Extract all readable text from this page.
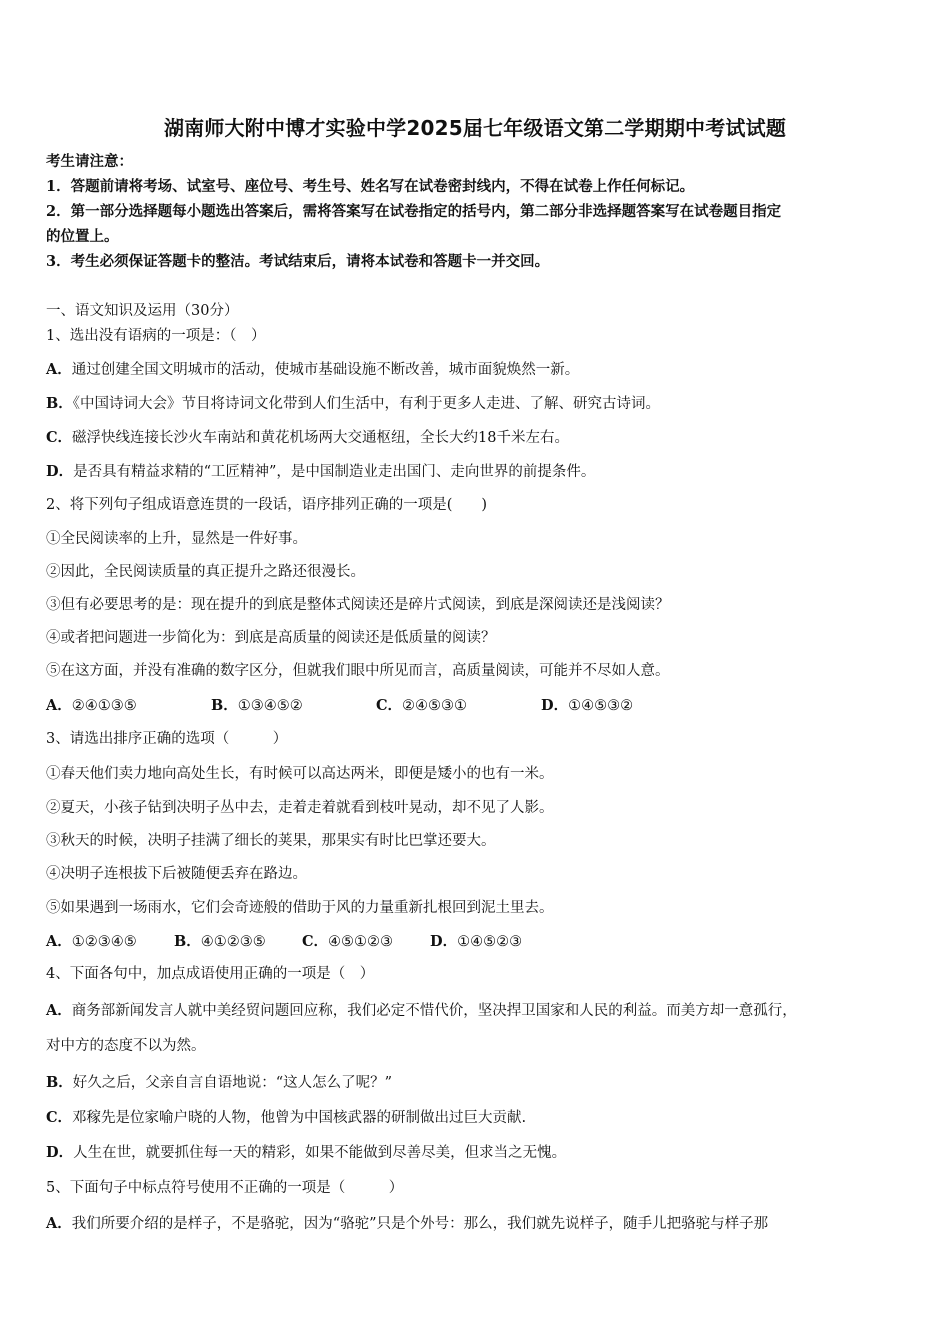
湖南师大附中博才实验中学2025届七年级语文第二学期期中考试试题
考生请注意：
1．答题前请将考场、试室号、座位号、考生号、姓名写在试卷密封线内，不得在试卷上作任何标记。
2．第一部分选择题每小题选出答案后，需将答案写在试卷指定的括号内，第二部分非选择题答案写在试卷题目指定
的位置上。
3．考生必须保证答题卡的整洁。考试结束后，请将本试卷和答题卡一并交回。
一、语文知识及运用（30分）
1、选出没有语病的一项是：（　）
A．通过创建全国文明城市的活动，使城市基础设施不断改善，城市面貌焕然一新。
B．《中国诗词大会》节目将诗词文化带到人们生活中，有利于更多人走进、了解、研究古诗词。
C．磁浮快线连接长沙火车南站和黄花机场两大交通枢纽，全长大约18千米左右。
D．是否具有精益求精的“工匠精神”，是中国制造业走出国门、走向世界的前提条件。
2、将下列句子组成语意连贯的一段话，语序排列正确的一项是(　　)
①全民阅读率的上升，显然是一件好事。
②因此，全民阅读质量的真正提升之路还很漫长。
③但有必要思考的是：现在提升的到底是整体式阅读还是碎片式阅读，到底是深阅读还是浅阅读？
④或者把问题进一步简化为：到底是高质量的阅读还是低质量的阅读？
⑤在这方面，并没有准确的数字区分，但就我们眼中所见而言，高质量阅读，可能并不尽如人意。
A．②④①③⑤	B．①③④⑤②	C．②④⑤③①	D．①④⑤③②
3、请选出排序正确的选项（　　　）
①春天他们卖力地向高处生长，有时候可以高达两米，即便是矮小的也有一米。
②夏天，小孩子钻到决明子丛中去，走着走着就看到枝叶晃动，却不见了人影。
③秋天的时候，决明子挂满了细长的荚果，那果实有时比巴掌还要大。
④决明子连根拔下后被随便丢弃在路边。
⑤如果遇到一场雨水，它们会奇迹般的借助于风的力量重新扎根回到泥土里去。
A．①②③④⑤	B．④①②③⑤ C．④⑤①②③	D．①④⑤②③
4、下面各句中，加点成语使用正确的一项是（　）
A．商务部新闻发言人就中美经贸问题回应称，我们必定不惜代价，坚决捍卫国家和人民的利益。而美方却一意孤行，
对中方的态度不以为然。
B．好久之后，父亲自言自语地说：“这人怎么了呢？”
C．邓稼先是位家喻户晓的人物，他曾为中国核武器的研制做出过巨大贡献.
D．人生在世，就要抓住每一天的精彩，如果不能做到尽善尽美，但求当之无愧。
5、下面句子中标点符号使用不正确的一项是（　　　）
A．我们所要介绍的是样子，不是骆驼，因为“骆驼”只是个外号：那么，我们就先说样子，随手儿把骆驼与样子那
